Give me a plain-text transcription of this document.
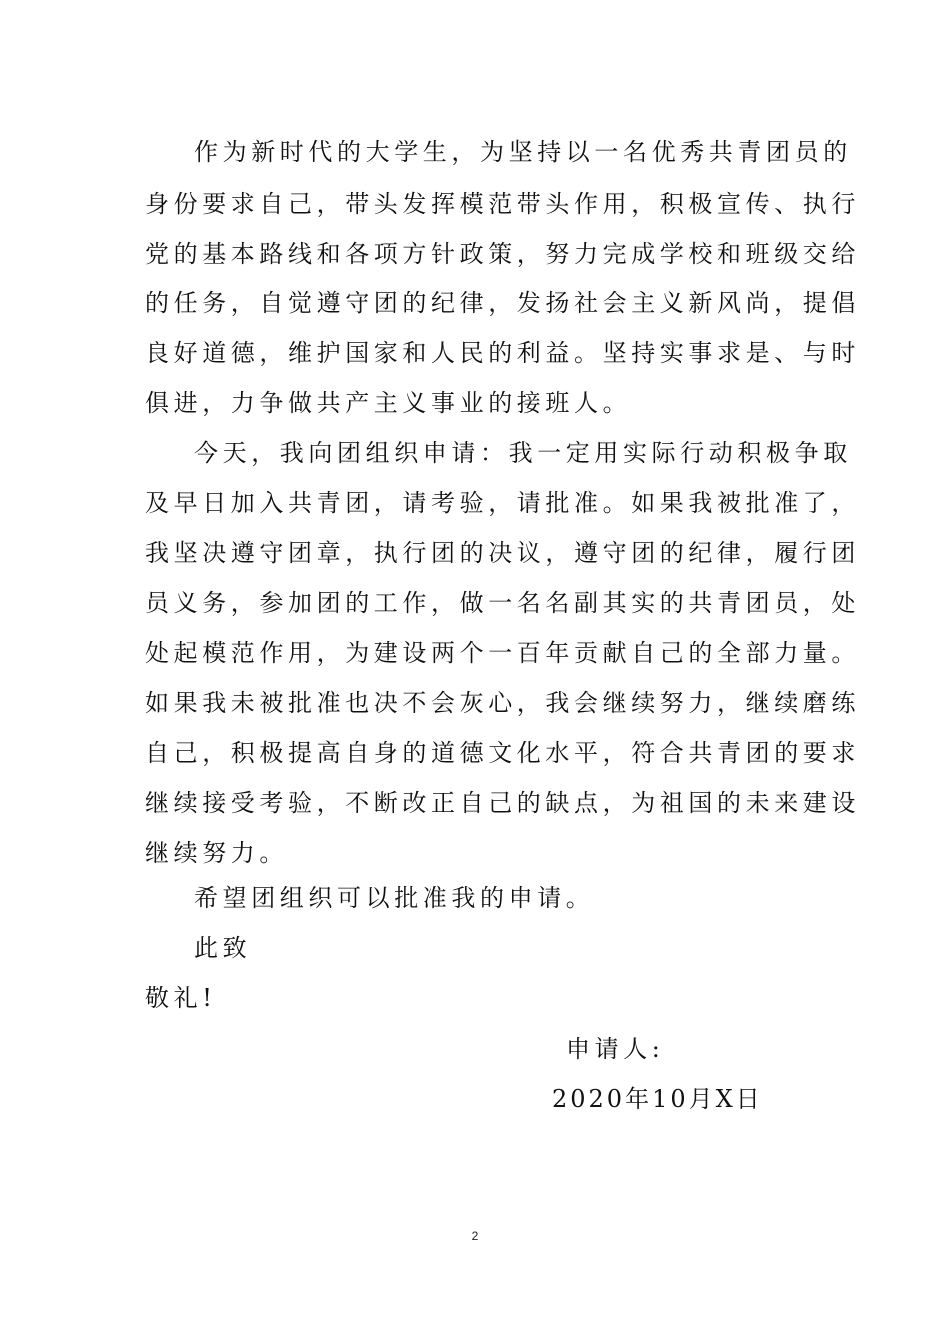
作为新时代的大学生，为坚持以一名优秀共青团员的
身份要求自己，带头发挥模范带头作用，积极宣传、执行
党的基本路线和各项方针政策，努力完成学校和班级交给
的任务，自觉遵守团的纪律，发扬社会主义新风尚，提倡
良好道德，维护国家和人民的利益。坚持实事求是、与时
俱进，力争做共产主义事业的接班人。
今天，我向团组织申请：我一定用实际行动积极争取
及早日加入共青团，请考验，请批准。如果我被批准了，
我坚决遵守团章，执行团的决议，遵守团的纪律，履行团
员义务，参加团的工作，做一名名副其实的共青团员，处
处起模范作用，为建设两个一百年贡献自己的全部力量。
如果我未被批准也决不会灰心，我会继续努力，继续磨练
自己，积极提高自身的道德文化水平，符合共青团的要求
继续接受考验，不断改正自己的缺点，为祖国的未来建设
继续努力。
希望团组织可以批准我的申请。
此致
敬礼!
申请人:
2020年10月X日
2
